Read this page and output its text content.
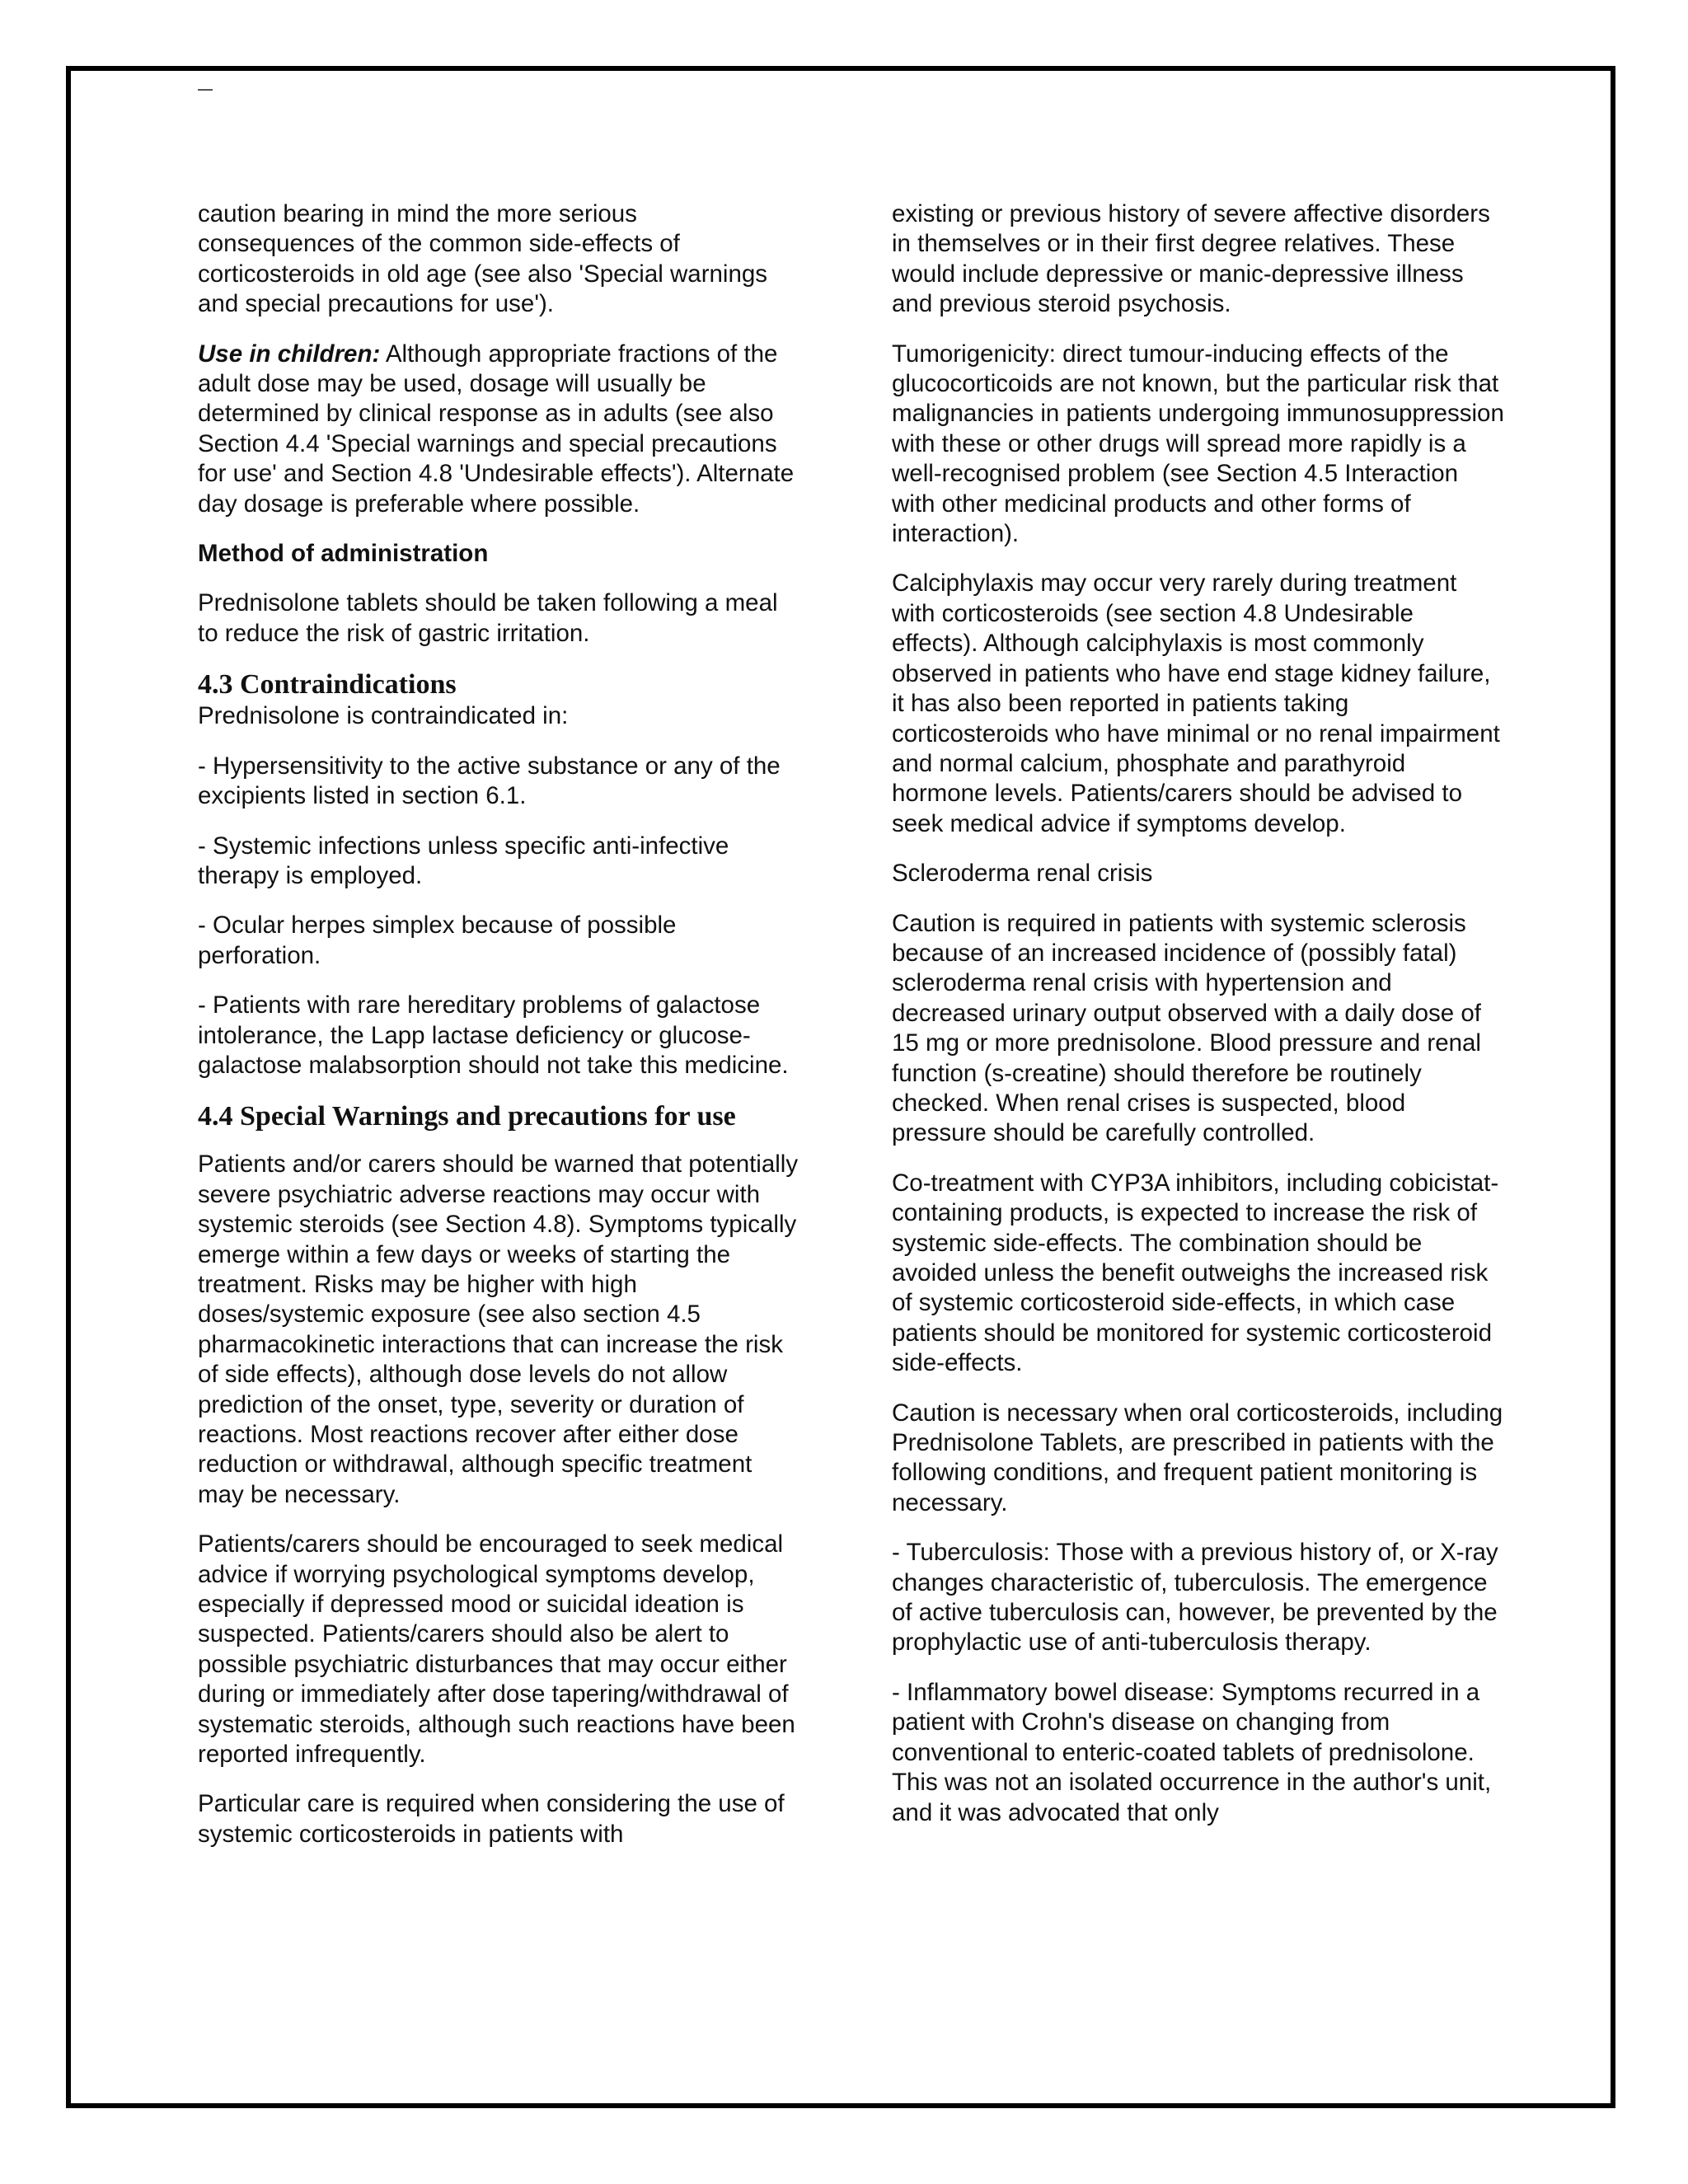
caution bearing in mind the more serious consequences of the common side-effects of corticosteroids in old age (see also 'Special warnings and special precautions for use').

Use in children: Although appropriate fractions of the adult dose may be used, dosage will usually be determined by clinical response as in adults (see also Section 4.4 'Special warnings and special precautions for use' and Section 4.8 'Undesirable effects'). Alternate day dosage is preferable where possible.

Method of administration

Prednisolone tablets should be taken following a meal to reduce the risk of gastric irritation.

4.3 Contraindications

Prednisolone is contraindicated in:

- Hypersensitivity to the active substance or any of the excipients listed in section 6.1.

- Systemic infections unless specific anti-infective therapy is employed.

- Ocular herpes simplex because of possible perforation.

- Patients with rare hereditary problems of galactose intolerance, the Lapp lactase deficiency or glucose-galactose malabsorption should not take this medicine.

4.4 Special Warnings and precautions for use

Patients and/or carers should be warned that potentially severe psychiatric adverse reactions may occur with systemic steroids (see Section 4.8). Symptoms typically emerge within a few days or weeks of starting the treatment. Risks may be higher with high doses/systemic exposure (see also section 4.5 pharmacokinetic interactions that can increase the risk of side effects), although dose levels do not allow prediction of the onset, type, severity or duration of reactions. Most reactions recover after either dose reduction or withdrawal, although specific treatment may be necessary.

Patients/carers should be encouraged to seek medical advice if worrying psychological symptoms develop, especially if depressed mood or suicidal ideation is suspected. Patients/carers should also be alert to possible psychiatric disturbances that may occur either during or immediately after dose tapering/withdrawal of systematic steroids, although such reactions have been reported infrequently.

Particular care is required when considering the use of systemic corticosteroids in patients with

existing or previous history of severe affective disorders in themselves or in their first degree relatives. These would include depressive or manic-depressive illness and previous steroid psychosis.

Tumorigenicity: direct tumour-inducing effects of the glucocorticoids are not known, but the particular risk that malignancies in patients undergoing immunosuppression with these or other drugs will spread more rapidly is a well-recognised problem (see Section 4.5 Interaction with other medicinal products and other forms of interaction).

Calciphylaxis may occur very rarely during treatment with corticosteroids (see section 4.8 Undesirable effects). Although calciphylaxis is most commonly observed in patients who have end stage kidney failure, it has also been reported in patients taking corticosteroids who have minimal or no renal impairment and normal calcium, phosphate and parathyroid hormone levels. Patients/carers should be advised to seek medical advice if symptoms develop.

Scleroderma renal crisis

Caution is required in patients with systemic sclerosis because of an increased incidence of (possibly fatal) scleroderma renal crisis with hypertension and decreased urinary output observed with a daily dose of 15 mg or more prednisolone. Blood pressure and renal function (s-creatine) should therefore be routinely checked. When renal crises is suspected, blood pressure should be carefully controlled.

Co-treatment with CYP3A inhibitors, including cobicistat-containing products, is expected to increase the risk of systemic side-effects. The combination should be avoided unless the benefit outweighs the increased risk of systemic corticosteroid side-effects, in which case patients should be monitored for systemic corticosteroid side-effects.

Caution is necessary when oral corticosteroids, including Prednisolone Tablets, are prescribed in patients with the following conditions, and frequent patient monitoring is necessary.

- Tuberculosis: Those with a previous history of, or X-ray changes characteristic of, tuberculosis. The emergence of active tuberculosis can, however, be prevented by the prophylactic use of anti-tuberculosis therapy.

- Inflammatory bowel disease: Symptoms recurred in a patient with Crohn's disease on changing from conventional to enteric-coated tablets of prednisolone. This was not an isolated occurrence in the author's unit, and it was advocated that only
